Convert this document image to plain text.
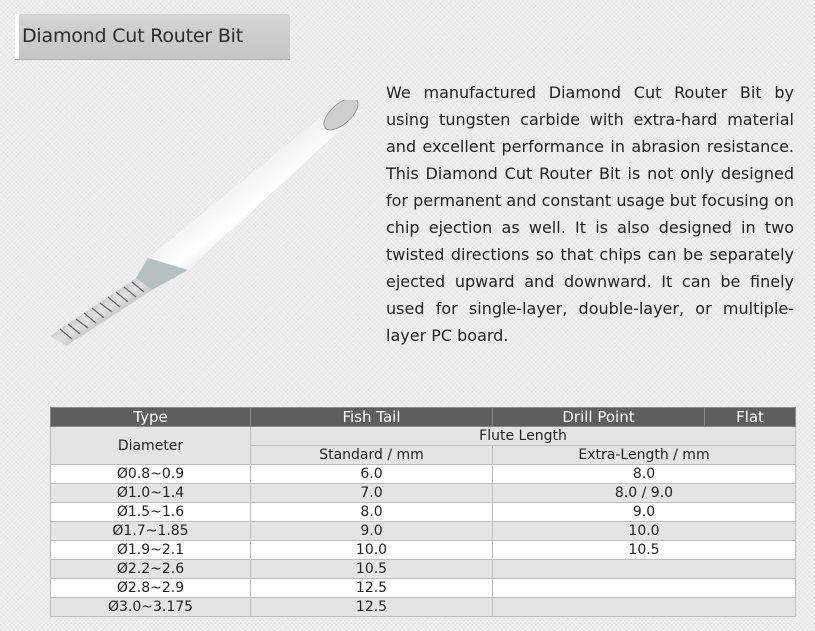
Diamond Cut Router Bit

We manufactured Diamond Cut Router Bit by using tungsten carbide with extra-hard material and excellent performance in abrasion resistance. This Diamond Cut Router Bit is not only designed for permanent and constant usage but focusing on chip ejection as well. It is also designed in two twisted directions so that chips can be separately ejected upward and downward. It can be finely used for single-layer, double-layer, or multiple-layer PC board.

Type	Fish Tail	Drill Point	Flat
Diameter	Flute Length		
	Standard / mm	Extra-Length / mm	
Ø0.8~0.9	6.0	8.0	
Ø1.0~1.4	7.0	8.0 / 9.0	
Ø1.5~1.6	8.0	9.0	
Ø1.7~1.85	9.0	10.0	
Ø1.9~2.1	10.0	10.5	
Ø2.2~2.6	10.5		
Ø2.8~2.9	12.5		
Ø3.0~3.175	12.5		
